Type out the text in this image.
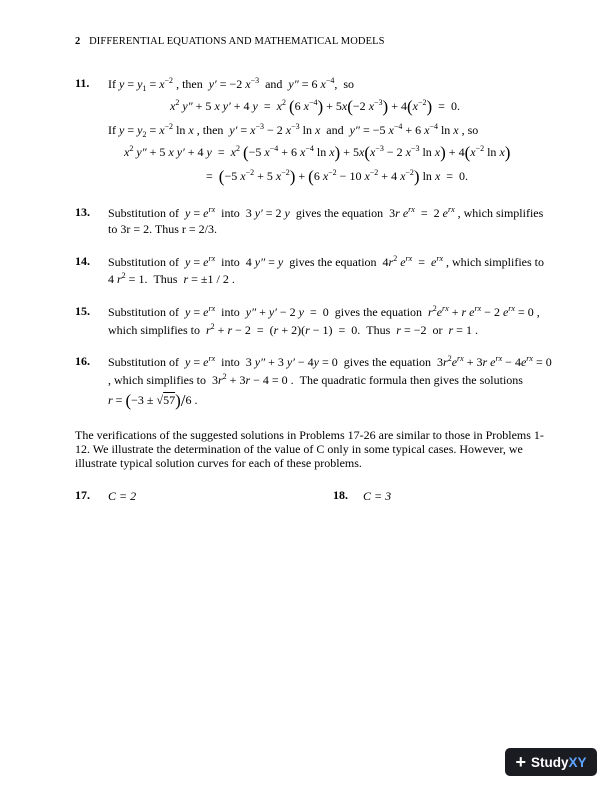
2 DIFFERENTIAL EQUATIONS AND MATHEMATICAL MODELS
11. If $y = y_1 = x^{-2}$ , then  y′ = −2 $x^{-3}$  and  y″ = 6 $x^{-4}$,  so
$x^2$ y″ + 5 x y′ + 4 $y = x^2$ (6 $x^{-4}) + 5x(-2$ $x^{-3}) + 4(x^{-2}) = 0$.
If $y = y_2 = x^{-2}$ ln x , then  $y' = x^{-3} - 2$ $x^{-3}$ ln x  and  y″ = −5 $x^{-4} + 6$ $x^{-4}$ ln x , so
$x^2$ y″ + 5 x y′ + 4 $y = x^2$ (−5 $x^{-4} + 6$ $x^{-4}$ $\ln x) + 5x(x^{-3} - 2$ $x^{-3}$ $\ln x) + 4(x^{-2}$ ln x)
=  (−5 $x^{-2} + 5$ $x^{-2}) + (6$ $x^{-2} - 10$ $x^{-2} + 4$ $x^{-2}$) ln x  =  0.
13. Substitution of  $y = e^{rx}$  into  3 y′ = 2 y  gives the equation  3r $e^{rx} = 2$ $e^{rx}$ , which simplifies
to 3r = 2. Thus r = 2/3.
14. Substitution of  $y = e^{rx}$  into  4 y″ = y  gives the equation  $4r^2$ $e^{rx} = e^{rx}$ , which simplifies to
4 $r^2 = 1$.  Thus  r = ±1 / 2 .
15. Substitution of  $y = e^{rx}$  into  y″ + y′ − 2 y  =  0  gives the equation  $r^2e^{rx} + r$ $e^{rx} - 2$ $e^{rx} = 0$ ,
which simplifies to  $r^2 + r - 2 = (r + 2)(r - 1) = 0$.  Thus  r = −2  or  r = 1 .
16. Substitution of  $y = e^{rx}$  into  3 y″ + 3 y′ − 4y = 0  gives the equation  $3r^2e^{rx} + 3r$ $e^{rx} - 4e^{rx} = 0$
, which simplifies to  $3r^2 + 3r - 4 = 0$ .  The quadratic formula then gives the solutions
r = (−3 ± √57)/6 .
The verifications of the suggested solutions in Problems 17-26 are similar to those in Problems 1-12. We illustrate the determination of the value of C only in some typical cases. However, we illustrate typical solution curves for each of these problems.
17. C = 2	18. C = 3
+ StudyXY
